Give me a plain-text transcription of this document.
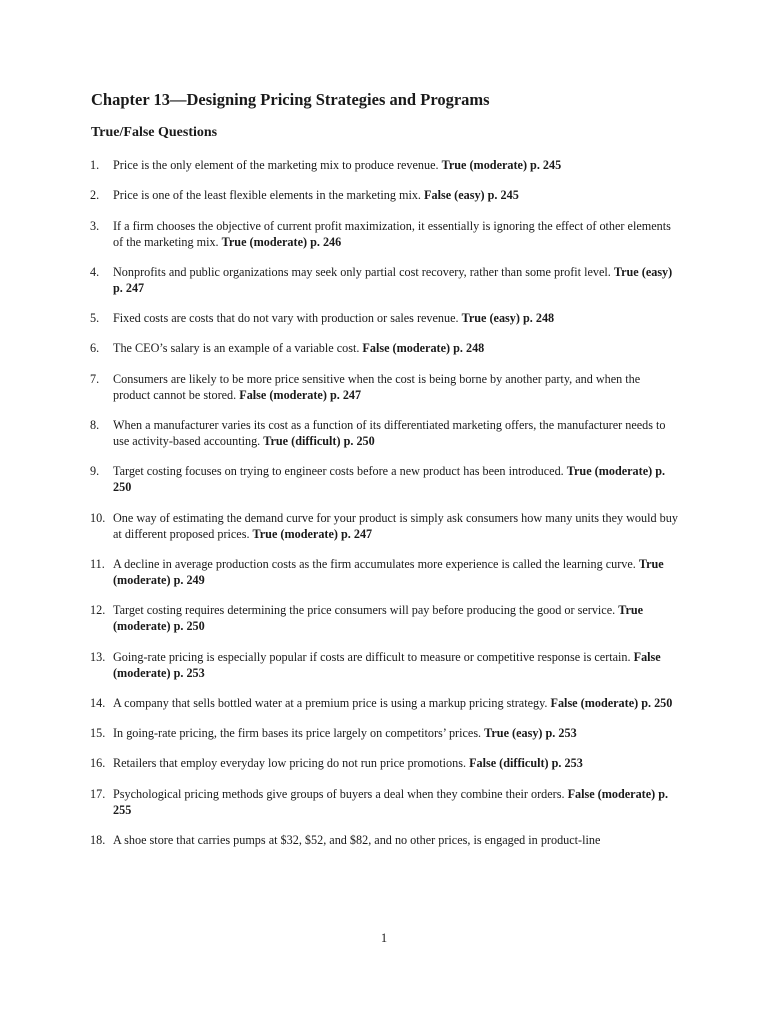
Chapter 13—Designing Pricing Strategies and Programs
True/False Questions
1. Price is the only element of the marketing mix to produce revenue. True (moderate) p. 245
2. Price is one of the least flexible elements in the marketing mix. False (easy) p. 245
3. If a firm chooses the objective of current profit maximization, it essentially is ignoring the effect of other elements of the marketing mix. True (moderate) p. 246
4. Nonprofits and public organizations may seek only partial cost recovery, rather than some profit level. True (easy) p. 247
5. Fixed costs are costs that do not vary with production or sales revenue. True (easy) p. 248
6. The CEO’s salary is an example of a variable cost. False (moderate) p. 248
7. Consumers are likely to be more price sensitive when the cost is being borne by another party, and when the product cannot be stored. False (moderate) p. 247
8. When a manufacturer varies its cost as a function of its differentiated marketing offers, the manufacturer needs to use activity-based accounting. True (difficult) p. 250
9. Target costing focuses on trying to engineer costs before a new product has been introduced. True (moderate) p. 250
10. One way of estimating the demand curve for your product is simply ask consumers how many units they would buy at different proposed prices. True (moderate) p. 247
11. A decline in average production costs as the firm accumulates more experience is called the learning curve. True (moderate) p. 249
12. Target costing requires determining the price consumers will pay before producing the good or service. True (moderate) p. 250
13. Going-rate pricing is especially popular if costs are difficult to measure or competitive response is certain. False (moderate) p. 253
14. A company that sells bottled water at a premium price is using a markup pricing strategy. False (moderate) p. 250
15. In going-rate pricing, the firm bases its price largely on competitors’ prices. True (easy) p. 253
16. Retailers that employ everyday low pricing do not run price promotions. False (difficult) p. 253
17. Psychological pricing methods give groups of buyers a deal when they combine their orders. False (moderate) p. 255
18. A shoe store that carries pumps at $32, $52, and $82, and no other prices, is engaged in product-line
1
